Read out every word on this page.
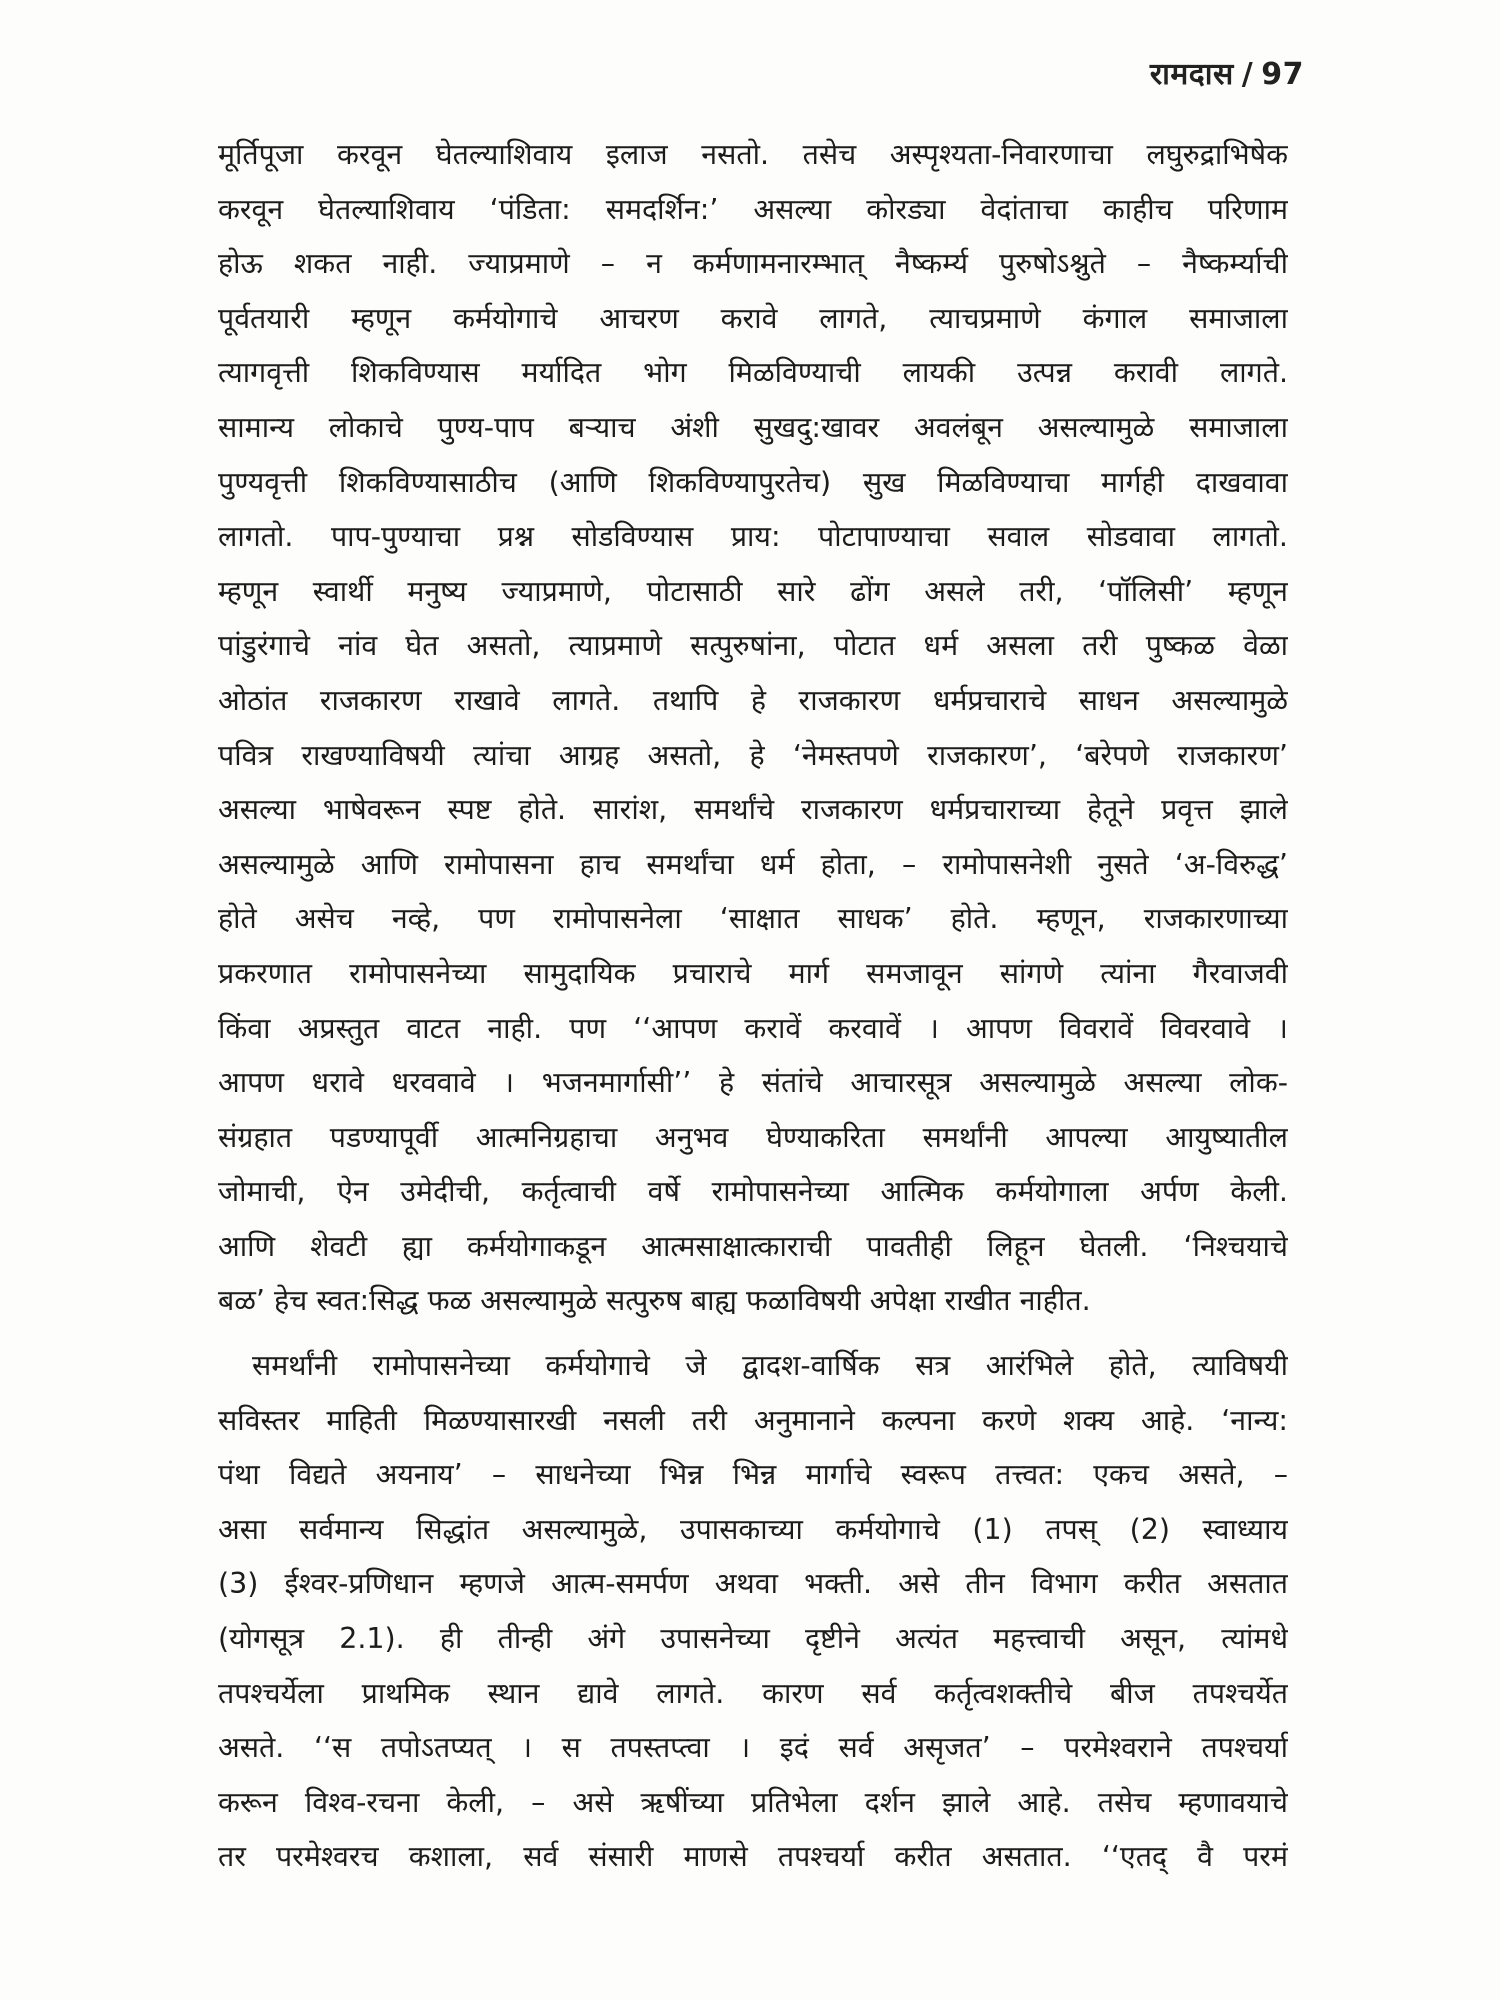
रामदास / 97
मूर्तिपूजा करवून घेतल्याशिवाय इलाज नसतो. तसेच अस्पृश्यता-निवारणाचा लघुरुद्राभिषेक
करवून घेतल्याशिवाय ‘पंडिता: समदर्शिन:’ असल्या कोरड्या वेदांताचा काहीच परिणाम
होऊ शकत नाही. ज्याप्रमाणे – न कर्मणामनारम्भात् नैष्कर्म्य पुरुषोऽश्नुते – नैष्कर्म्याची
पूर्वतयारी म्हणून कर्मयोगाचे आचरण करावे लागते, त्याचप्रमाणे कंगाल समाजाला
त्यागवृत्ती शिकविण्यास मर्यादित भोग मिळविण्याची लायकी उत्पन्न करावी लागते.
सामान्य लोकाचे पुण्य-पाप बऱ्याच अंशी सुखदु:खावर अवलंबून असल्यामुळे समाजाला
पुण्यवृत्ती शिकविण्यासाठीच (आणि शिकविण्यापुरतेच) सुख मिळविण्याचा मार्गही दाखवावा
लागतो. पाप-पुण्याचा प्रश्न सोडविण्यास प्राय: पोटापाण्याचा सवाल सोडवावा लागतो.
म्हणून स्वार्थी मनुष्य ज्याप्रमाणे, पोटासाठी सारे ढोंग असले तरी, ‘पॉलिसी’ म्हणून
पांडुरंगाचे नांव घेत असतो, त्याप्रमाणे सत्पुरुषांना, पोटात धर्म असला तरी पुष्कळ वेळा
ओठांत राजकारण राखावे लागते. तथापि हे राजकारण धर्मप्रचाराचे साधन असल्यामुळे
पवित्र राखण्याविषयी त्यांचा आग्रह असतो, हे ‘नेमस्तपणे राजकारण’, ‘बरेपणे राजकारण’
असल्या भाषेवरून स्पष्ट होते. सारांश, समर्थांचे राजकारण धर्मप्रचाराच्या हेतूने प्रवृत्त झाले
असल्यामुळे आणि रामोपासना हाच समर्थांचा धर्म होता, – रामोपासनेशी नुसते ‘अ-विरुद्ध’
होते असेच नव्हे, पण रामोपासनेला ‘साक्षात साधक’ होते. म्हणून, राजकारणाच्या
प्रकरणात रामोपासनेच्या सामुदायिक प्रचाराचे मार्ग समजावून सांगणे त्यांना गैरवाजवी
किंवा अप्रस्तुत वाटत नाही. पण ‘‘आपण करावें करवावें । आपण विवरावें विवरवावे ।
आपण धरावे धरववावे । भजनमार्गासी’’ हे संतांचे आचारसूत्र असल्यामुळे असल्या लोक-
संग्रहात पडण्यापूर्वी आत्मनिग्रहाचा अनुभव घेण्याकरिता समर्थांनी आपल्या आयुष्यातील
जोमाची, ऐन उमेदीची, कर्तृत्वाची वर्षे रामोपासनेच्या आत्मिक कर्मयोगाला अर्पण केली.
आणि शेवटी ह्या कर्मयोगाकडून आत्मसाक्षात्काराची पावतीही लिहून घेतली. ‘निश्चयाचे
बळ’ हेच स्वत:सिद्ध फळ असल्यामुळे सत्पुरुष बाह्य फळाविषयी अपेक्षा राखीत नाहीत.
समर्थांनी रामोपासनेच्या कर्मयोगाचे जे द्वादश-वार्षिक सत्र आरंभिले होते, त्याविषयी
सविस्तर माहिती मिळण्यासारखी नसली तरी अनुमानाने कल्पना करणे शक्य आहे. ‘नान्य:
पंथा विद्यते अयनाय’ – साधनेच्या भिन्न भिन्न मार्गाचे स्वरूप तत्त्वत: एकच असते, –
असा सर्वमान्य सिद्धांत असल्यामुळे, उपासकाच्या कर्मयोगाचे (1) तपस् (2) स्वाध्याय
(3) ईश्वर-प्रणिधान म्हणजे आत्म-समर्पण अथवा भक्ती. असे तीन विभाग करीत असतात
(योगसूत्र 2.1). ही तीन्ही अंगे उपासनेच्या दृष्टीने अत्यंत महत्त्वाची असून, त्यांमधे
तपश्चर्येला प्राथमिक स्थान द्यावे लागते. कारण सर्व कर्तृत्वशक्तीचे बीज तपश्चर्येत
असते. ‘‘स तपोऽतप्यत् । स तपस्तप्त्वा । इदं सर्व असृजत’ – परमेश्वराने तपश्चर्या
करून विश्व-रचना केली, – असे ऋषींच्या प्रतिभेला दर्शन झाले आहे. तसेच म्हणावयाचे
तर परमेश्वरच कशाला, सर्व संसारी माणसे तपश्चर्या करीत असतात. ‘‘एतद् वै परमं
